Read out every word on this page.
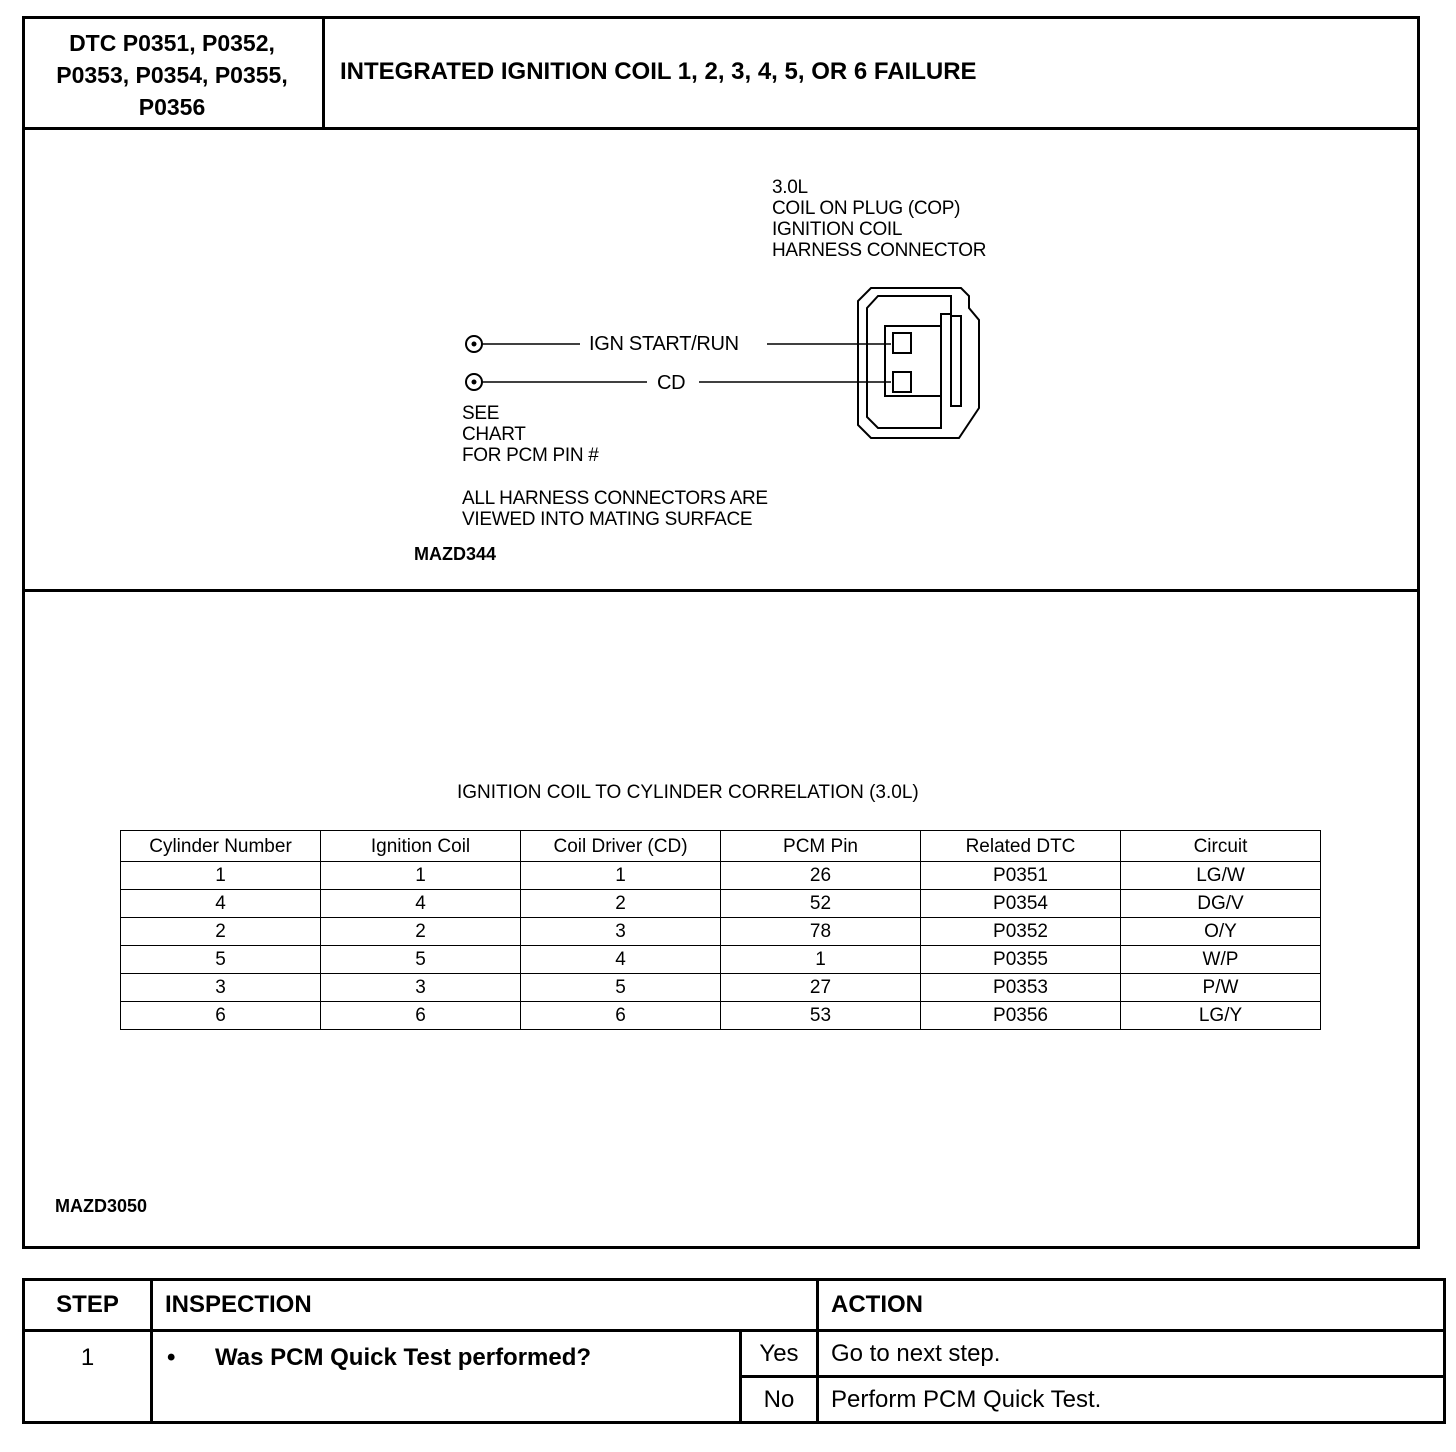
DTC P0351, P0352,
P0353, P0354, P0355,
P0356
INTEGRATED IGNITION COIL 1, 2, 3, 4, 5, OR 6 FAILURE
3.0L
COIL ON PLUG (COP)
IGNITION COIL
HARNESS CONNECTOR
IGN START/RUN
CD
SEE
CHART
FOR PCM PIN #
ALL HARNESS CONNECTORS ARE
VIEWED INTO MATING SURFACE
MAZD344
IGNITION COIL TO CYLINDER CORRELATION (3.0L)
Cylinder Number	Ignition Coil	Coil Driver (CD)	PCM Pin	Related DTC	Circuit
1	1	1	26	P0351	LG/W
4	4	2	52	P0354	DG/V
2	2	3	78	P0352	O/Y
5	5	4	1	P0355	W/P
3	3	5	27	P0353	P/W
6	6	6	53	P0356	LG/Y
MAZD3050
STEP	INSPECTION		ACTION
1	• Was PCM Quick Test performed?	Yes	Go to next step.
		No	Perform PCM Quick Test.
